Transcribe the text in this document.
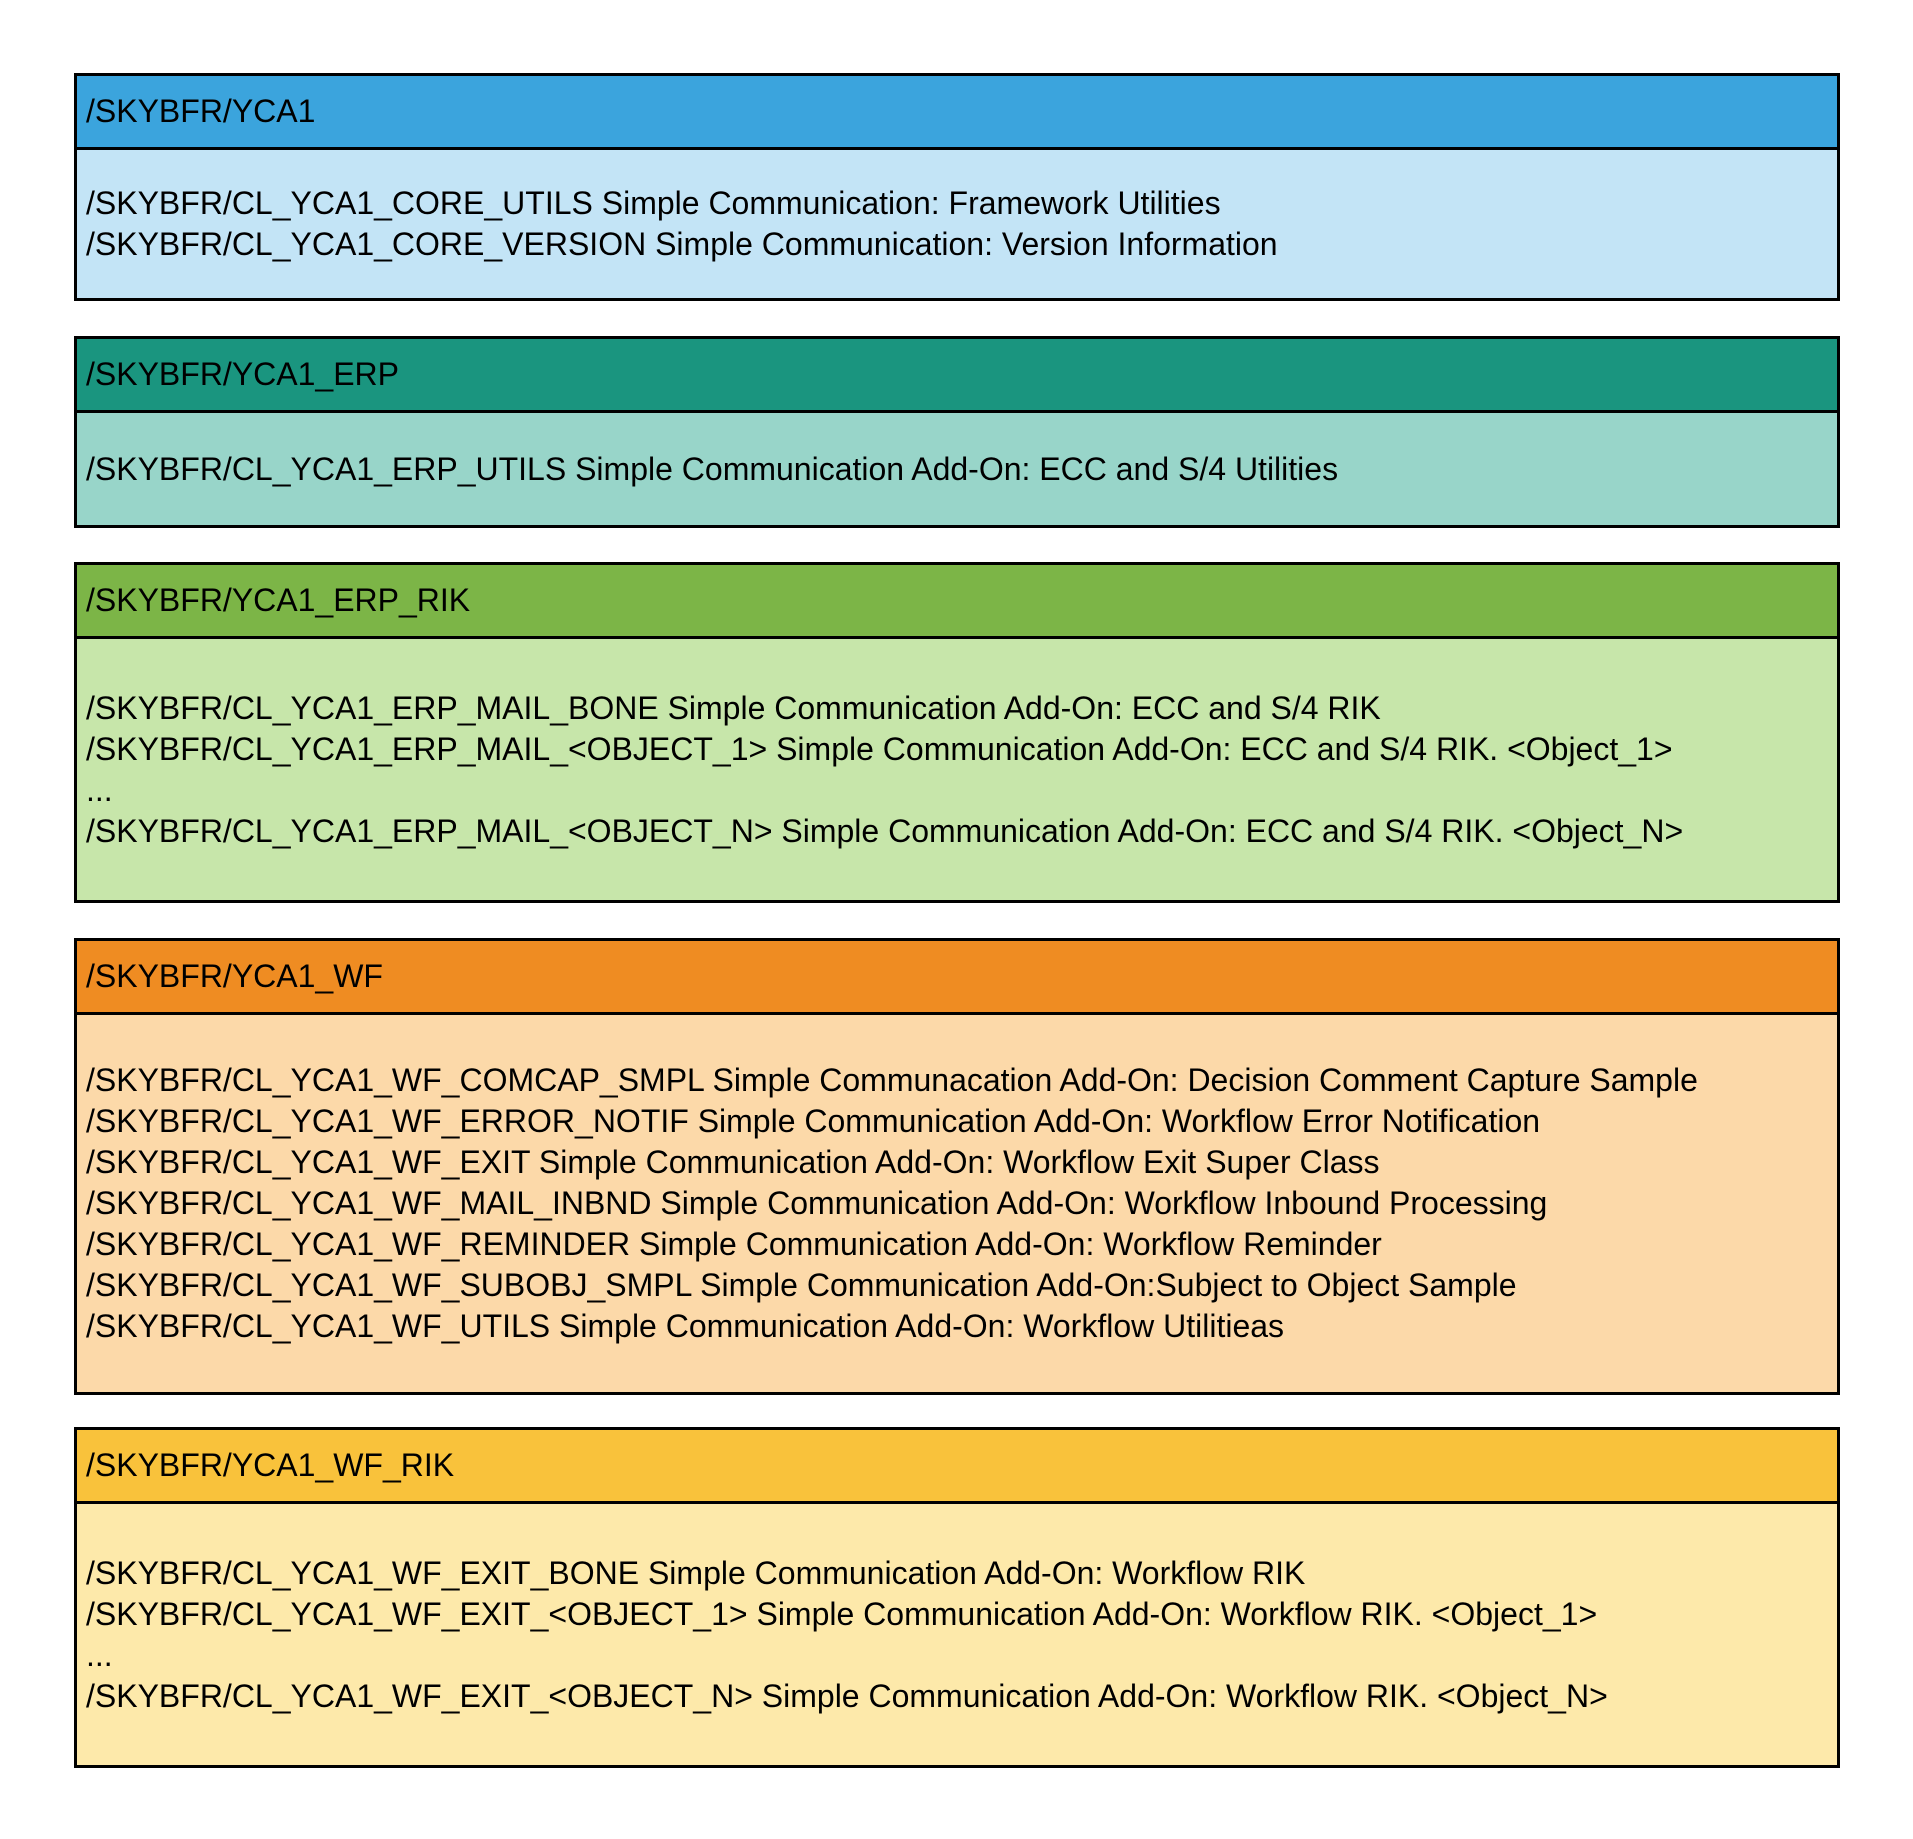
/SKYBFR/YCA1
/SKYBFR/CL_YCA1_CORE_UTILS Simple Communication: Framework Utilities
/SKYBFR/CL_YCA1_CORE_VERSION Simple Communication: Version Information
/SKYBFR/YCA1_ERP
/SKYBFR/CL_YCA1_ERP_UTILS Simple Communication Add-On: ECC and S/4 Utilities
/SKYBFR/YCA1_ERP_RIK
/SKYBFR/CL_YCA1_ERP_MAIL_BONE Simple Communication Add-On: ECC and S/4 RIK
/SKYBFR/CL_YCA1_ERP_MAIL_<OBJECT_1> Simple Communication Add-On: ECC and S/4 RIK. <Object_1>
...
/SKYBFR/CL_YCA1_ERP_MAIL_<OBJECT_N> Simple Communication Add-On: ECC and S/4 RIK. <Object_N>
/SKYBFR/YCA1_WF
/SKYBFR/CL_YCA1_WF_COMCAP_SMPL Simple Communacation Add-On: Decision Comment Capture Sample
/SKYBFR/CL_YCA1_WF_ERROR_NOTIF Simple Communication Add-On: Workflow Error Notification
/SKYBFR/CL_YCA1_WF_EXIT Simple Communication Add-On: Workflow Exit Super Class
/SKYBFR/CL_YCA1_WF_MAIL_INBND Simple Communication Add-On: Workflow Inbound Processing
/SKYBFR/CL_YCA1_WF_REMINDER Simple Communication Add-On: Workflow Reminder
/SKYBFR/CL_YCA1_WF_SUBOBJ_SMPL Simple Communication Add-On:Subject to Object Sample
/SKYBFR/CL_YCA1_WF_UTILS Simple Communication Add-On: Workflow Utilitieas
/SKYBFR/YCA1_WF_RIK
/SKYBFR/CL_YCA1_WF_EXIT_BONE Simple Communication Add-On: Workflow RIK
/SKYBFR/CL_YCA1_WF_EXIT_<OBJECT_1> Simple Communication Add-On: Workflow RIK. <Object_1>
...
/SKYBFR/CL_YCA1_WF_EXIT_<OBJECT_N> Simple Communication Add-On: Workflow RIK. <Object_N>
